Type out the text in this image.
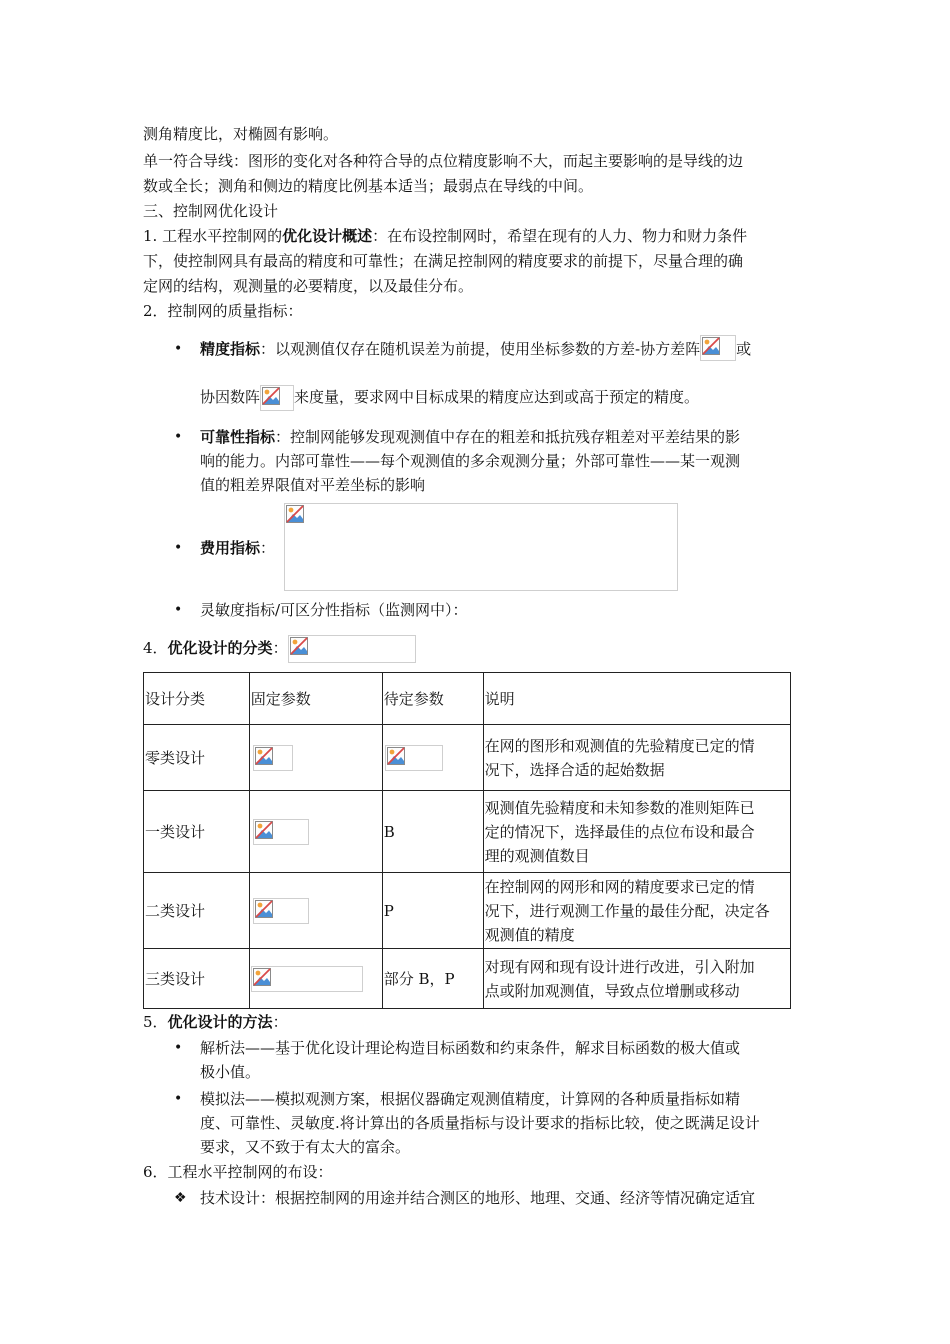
测角精度比，对椭圆有影响。
单一符合导线：图形的变化对各种符合导的点位精度影响不大，而起主要影响的是导线的边
数或全长；测角和侧边的精度比例基本适当；最弱点在导线的中间。
三、控制网优化设计
1. 工程水平控制网的优化设计概述：在布设控制网时，希望在现有的人力、物力和财力条件
下，使控制网具有最高的精度和可靠性；在满足控制网的精度要求的前提下，尽量合理的确
定网的结构，观测量的必要精度，以及最佳分布。
2．控制网的质量指标：
• 精度指标：以观测值仅存在随机误差为前提，使用坐标参数的方差-协方差阵 或
协因数阵 来度量，要求网中目标成果的精度应达到或高于预定的精度。
• 可靠性指标：控制网能够发现观测值中存在的粗差和抵抗残存粗差对平差结果的影
响的能力。内部可靠性——每个观测值的多余观测分量；外部可靠性——某一观测
值的粗差界限值对平差坐标的影响
• 费用指标：
• 灵敏度指标/可区分性指标（监测网中）：
4．优化设计的分类：
设计分类	固定参数	待定参数	说明
零类设计			在网的图形和观测值的先验精度已定的情
况下，选择合适的起始数据

一类设计		B	观测值先验精度和未知参数的准则矩阵已
定的情况下，选择最佳的点位布设和最合
理的观测值数目

二类设计		P	在控制网的网形和网的精度要求已定的情
况下，进行观测工作量的最佳分配，决定各
观测值的精度

三类设计		部分 B，P	对现有网和现有设计进行改进，引入附加
点或附加观测值，导致点位增删或移动
5．优化设计的方法：
• 解析法——基于优化设计理论构造目标函数和约束条件，解求目标函数的极大值或
极小值。
• 模拟法——模拟观测方案，根据仪器确定观测值精度，计算网的各种质量指标如精
度、可靠性、灵敏度.将计算出的各质量指标与设计要求的指标比较，使之既满足设计
要求，又不致于有太大的富余。
6．工程水平控制网的布设：
❖ 技术设计：根据控制网的用途并结合测区的地形、地理、交通、经济等情况确定适宜
